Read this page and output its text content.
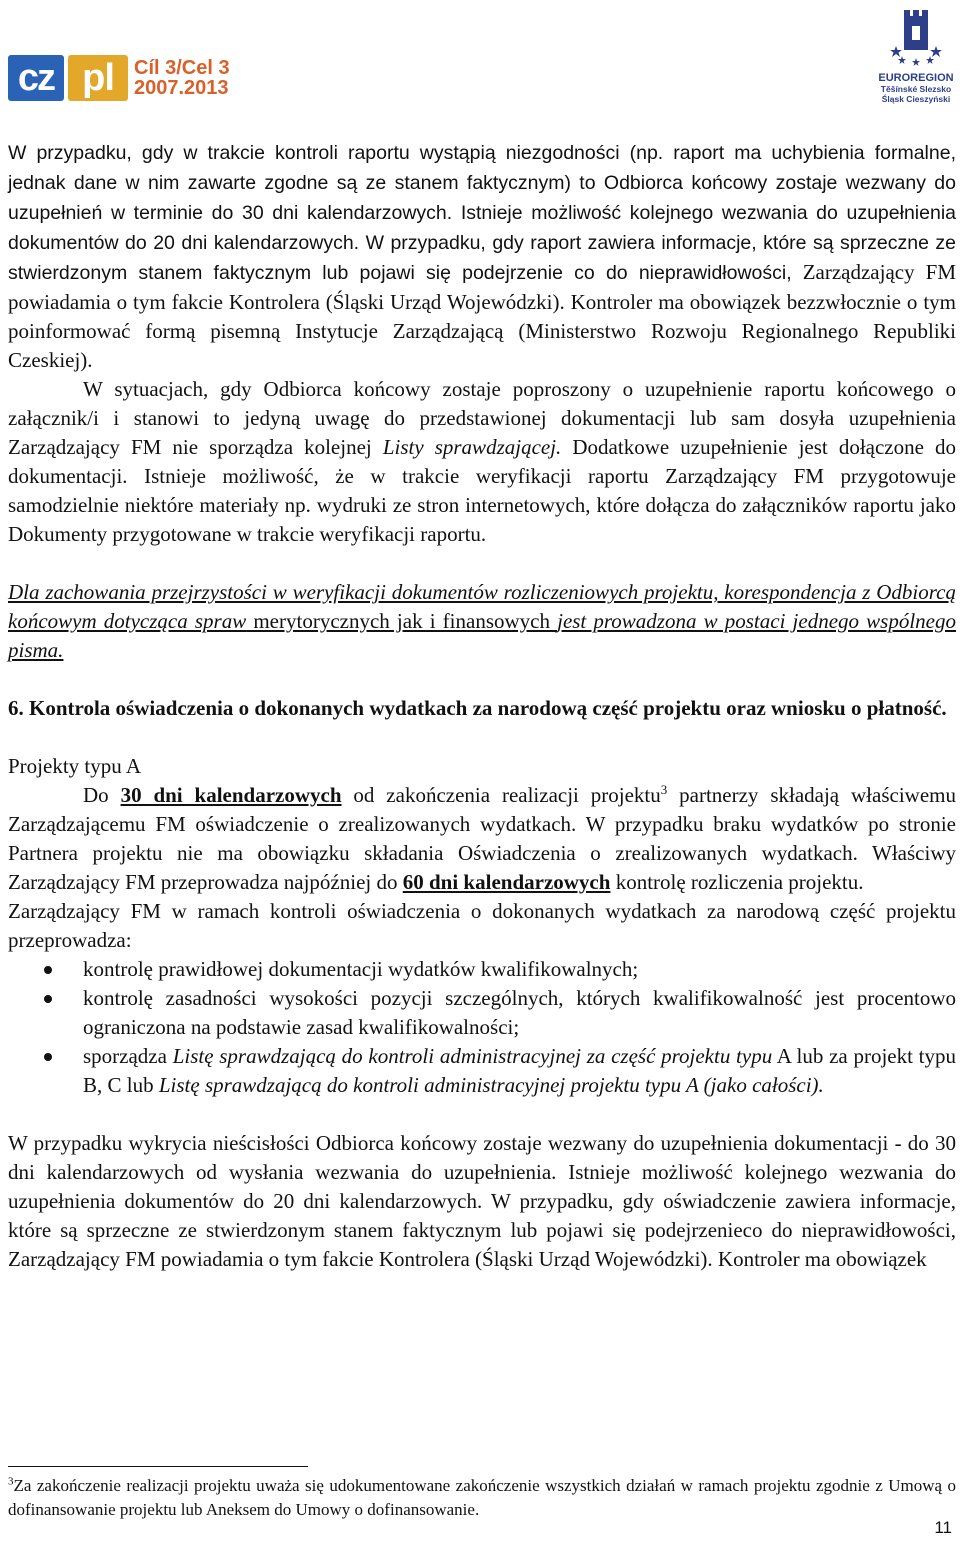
cz pl	Cíl 3/Cel 3
2007.2013	EUROREGION
Těšínské Slezsko
Śląsk Cieszyński

W przypadku, gdy w trakcie kontroli raportu wystąpią niezgodności (np. raport ma uchybienia formalne, jednak dane w nim zawarte zgodne są ze stanem faktycznym) to Odbiorca końcowy zostaje wezwany do uzupełnień w terminie do 30 dni kalendarzowych. Istnieje możliwość kolejnego wezwania do uzupełnienia dokumentów do 20 dni kalendarzowych. W przypadku, gdy raport zawiera informacje, które są sprzeczne ze stwierdzonym stanem faktycznym lub pojawi się podejrzenie co do nieprawidłowości, Zarządzający FM powiadamia o tym fakcie Kontrolera (Śląski Urząd Wojewódzki). Kontroler ma obowiązek bezzwłocznie o tym poinformować formą pisemną Instytucje Zarządzającą (Ministerstwo Rozwoju Regionalnego Republiki Czeskiej).

W sytuacjach, gdy Odbiorca końcowy zostaje poproszony o uzupełnienie raportu końcowego o załącznik/i i stanowi to jedyną uwagę do przedstawionej dokumentacji lub sam dosyła uzupełnienia Zarządzający FM nie sporządza kolejnej Listy sprawdzającej. Dodatkowe uzupełnienie jest dołączone do dokumentacji. Istnieje możliwość, że w trakcie weryfikacji raportu Zarządzający FM przygotowuje samodzielnie niektóre materiały np. wydruki ze stron internetowych, które dołącza do załączników raportu jako Dokumenty przygotowane w trakcie weryfikacji raportu.

Dla zachowania przejrzystości w weryfikacji dokumentów rozliczeniowych projektu, korespondencja z Odbiorcą końcowym dotycząca spraw merytorycznych jak i finansowych jest prowadzona w postaci jednego wspólnego pisma.

6. Kontrola oświadczenia o dokonanych wydatkach za narodową część projektu oraz wniosku o płatność.

Projekty typu A

Do 30 dni kalendarzowych od zakończenia realizacji projektu$^3$ partnerzy składają właściwemu Zarządzającemu FM oświadczenie o zrealizowanych wydatkach. W przypadku braku wydatków po stronie Partnera projektu nie ma obowiązku składania Oświadczenia o zrealizowanych wydatkach. Właściwy Zarządzający FM przeprowadza najpóźniej do 60 dni kalendarzowych kontrolę rozliczenia projektu.

Zarządzający FM w ramach kontroli oświadczenia o dokonanych wydatkach za narodową część projektu przeprowadza:

kontrolę prawidłowej dokumentacji wydatków kwalifikowalnych;
kontrolę zasadności wysokości pozycji szczególnych, których kwalifikowalność jest procentowo ograniczona na podstawie zasad kwalifikowalności;
sporządza Listę sprawdzającą do kontroli administracyjnej za część projektu typu A lub za projekt typu B, C lub Listę sprawdzającą do kontroli administracyjnej projektu typu A (jako całości).

W przypadku wykrycia nieścisłości Odbiorca końcowy zostaje wezwany do uzupełnienia dokumentacji - do 30 dni kalendarzowych od wysłania wezwania do uzupełnienia. Istnieje możliwość kolejnego wezwania do uzupełnienia dokumentów do 20 dni kalendarzowych. W przypadku, gdy oświadczenie zawiera informacje, które są sprzeczne ze stwierdzonym stanem faktycznym lub pojawi się podejrzenieco do nieprawidłowości, Zarządzający FM powiadamia o tym fakcie Kontrolera (Śląski Urząd Wojewódzki). Kontroler ma obowiązek

$^3$Za zakończenie realizacji projektu uważa się udokumentowane zakończenie wszystkich działań w ramach projektu zgodnie z Umową o dofinansowanie projektu lub Aneksem do Umowy o dofinansowanie.
11
